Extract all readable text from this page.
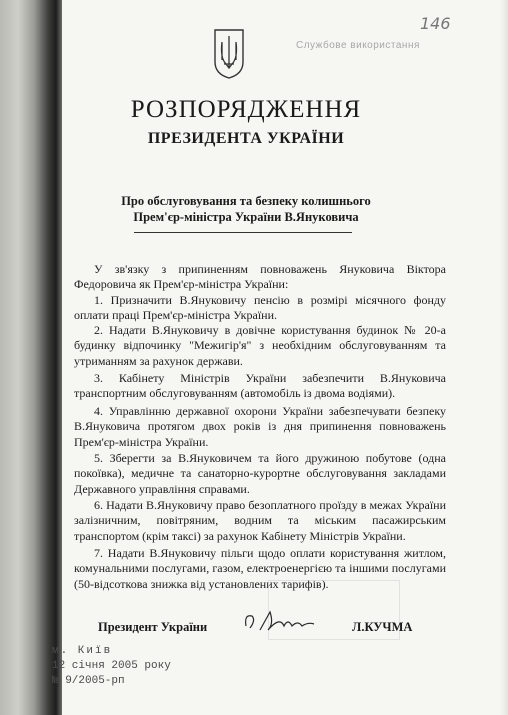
146
Службове використання
РОЗПОРЯДЖЕННЯ
ПРЕЗИДЕНТА УКРАЇНИ
Про обслуговування та безпеку колишнього
Прем'єр-міністра України В.Януковича
У зв'язку з припиненням повноважень Януковича Віктора Федоровича як Прем'єр-міністра України:
1. Призначити В.Януковичу пенсію в розмірі місячного фонду оплати праці Прем'єр-міністра України.
2. Надати В.Януковичу в довічне користування будинок № 20-а будинку відпочинку "Межигір'я" з необхідним обслуговуванням та утриманням за рахунок держави.
3. Кабінету Міністрів України забезпечити В.Януковича транспортним обслуговуванням (автомобіль із двома водіями).
4. Управлінню державної охорони України забезпечувати безпеку В.Януковича протягом двох років із дня припинення повноважень Прем'єр-міністра України.
5. Зберегти за В.Януковичем та його дружиною побутове (одна покоївка), медичне та санаторно-курортне обслуговування закладами Державного управління справами.
6. Надати В.Януковичу право безоплатного проїзду в межах України залізничним, повітряним, водним та міським пасажирським транспортом (крім таксі) за рахунок Кабінету Міністрів України.
7. Надати В.Януковичу пільги щодо оплати користування житлом, комунальними послугами, газом, електроенергією та іншими послугами (50-відсоткова знижка від установлених тарифів).
Президент України	Л.КУЧМА
м. Київ
12 січня 2005 року
№ 9/2005-рп
